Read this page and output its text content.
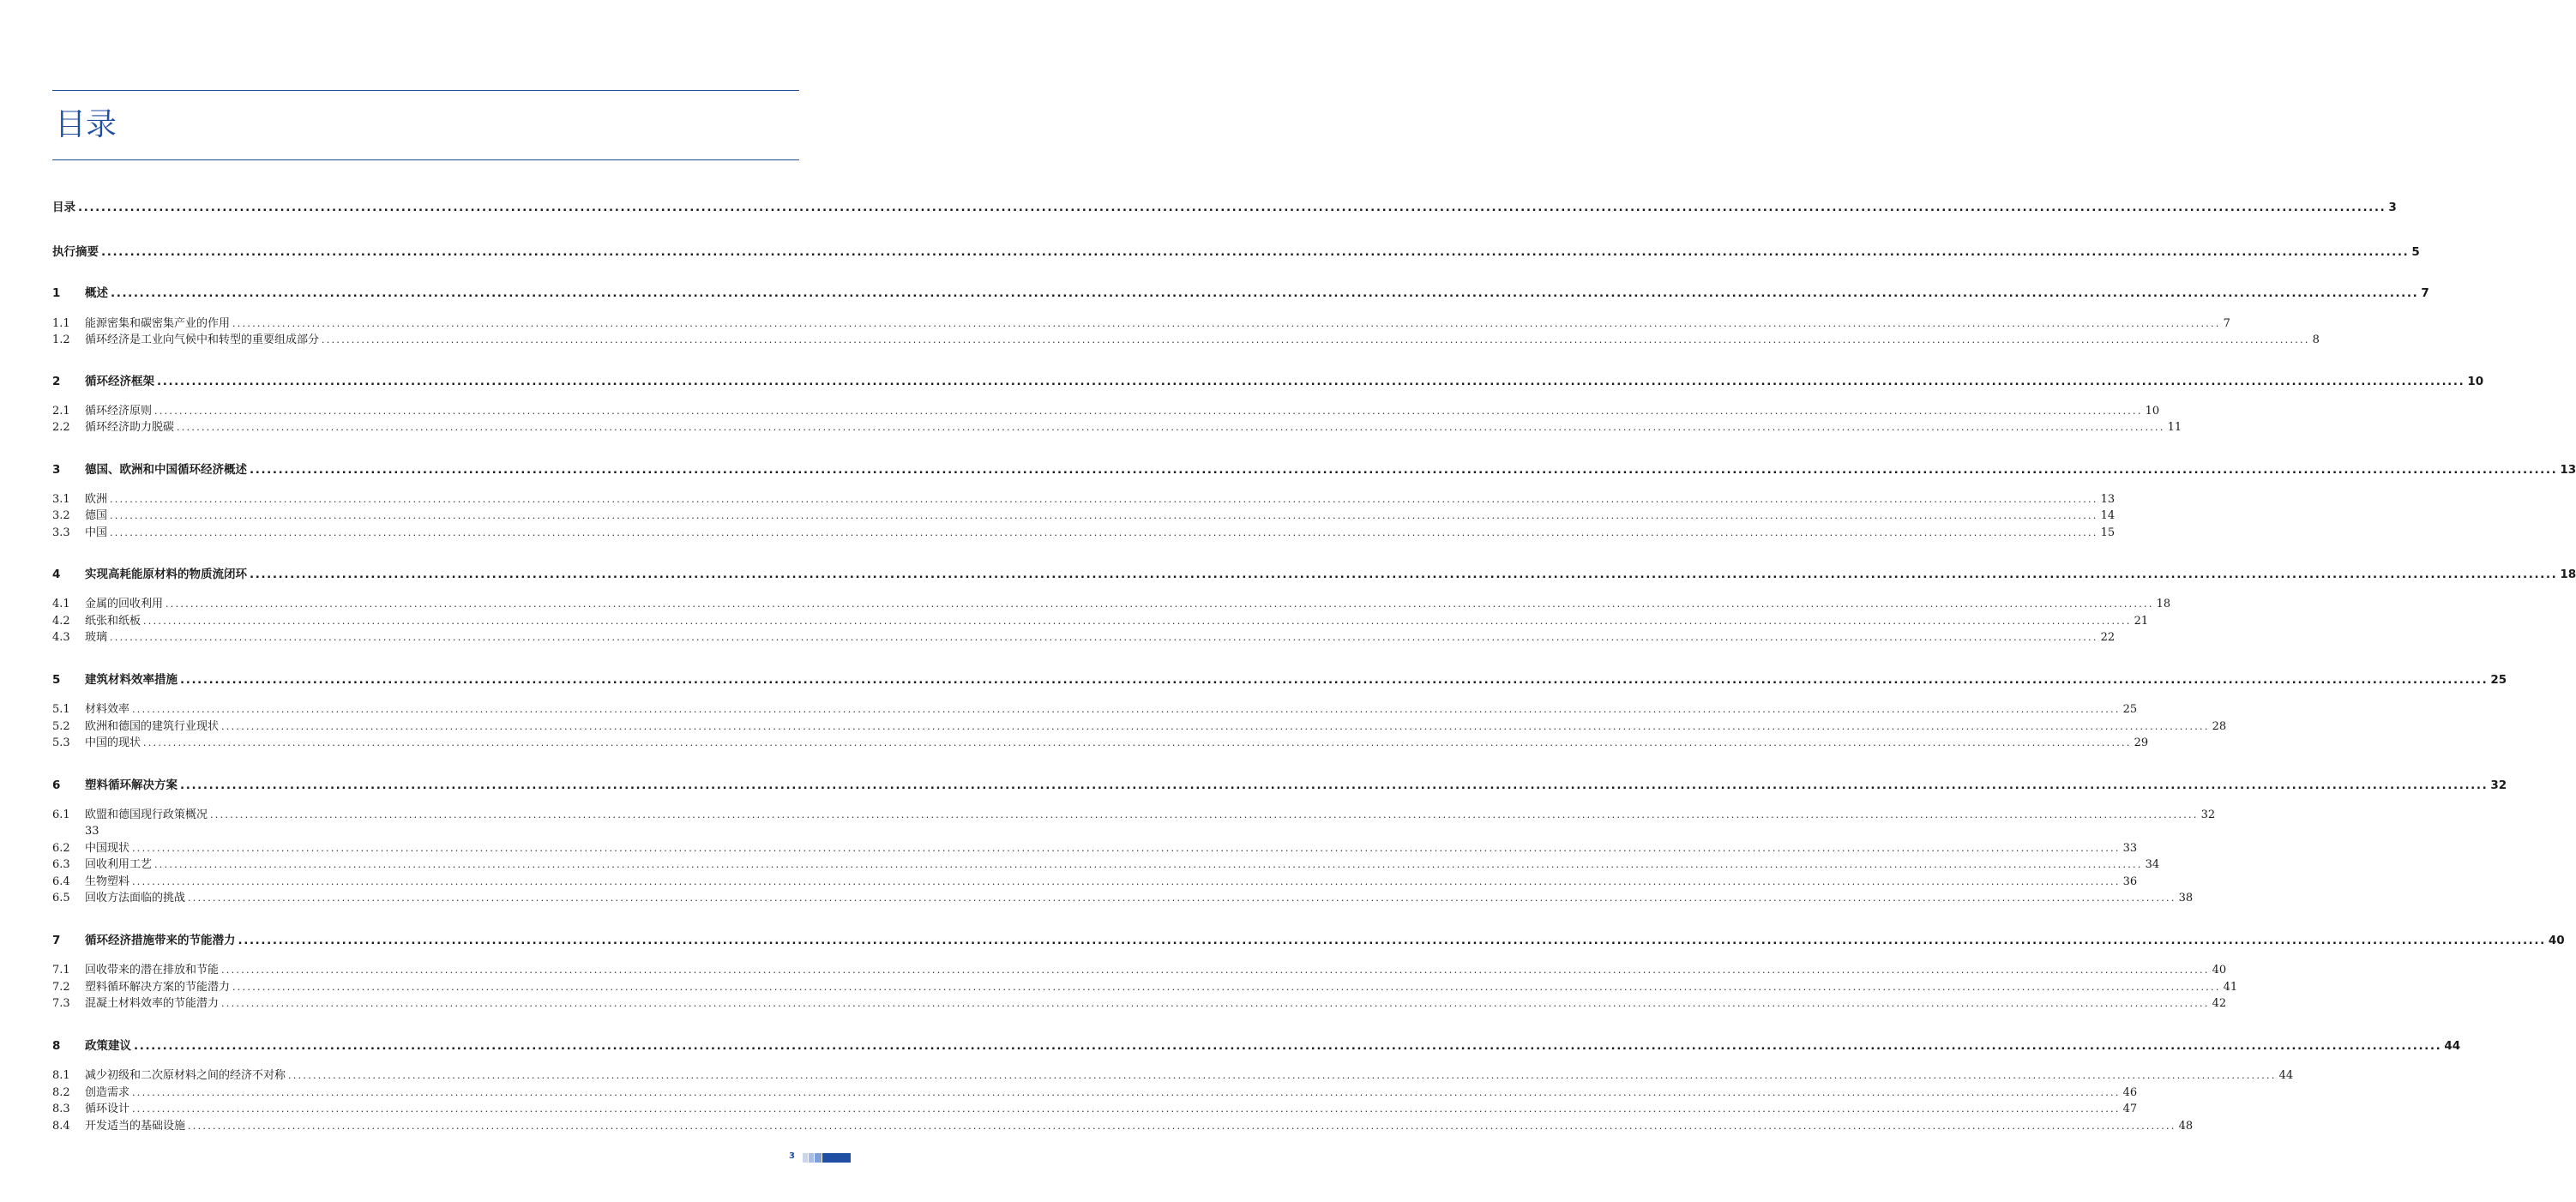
目录
目录 ................................................................................................................................................................................................................................................................................................................................................................................................................ 3
执行摘要 ................................................................................................................................................................................................................................................................................................................................................................................................................ 5
1	概述 ................................................................................................................................................................................................................................................................................................................................................................................................................ 7
1.1	能源密集和碳密集产业的作用 ................................................................................................................................................................................................................................................................................................................................................................................................................ 7
1.2	循环经济是工业向气候中和转型的重要组成部分 ................................................................................................................................................................................................................................................................................................................................................................................................................ 8
2	循环经济框架 ................................................................................................................................................................................................................................................................................................................................................................................................................ 10
2.1	循环经济原则 ................................................................................................................................................................................................................................................................................................................................................................................................................ 10
2.2	循环经济助力脱碳 ................................................................................................................................................................................................................................................................................................................................................................................................................ 11
3	德国、欧洲和中国循环经济概述 ................................................................................................................................................................................................................................................................................................................................................................................................................ 13
3.1	欧洲 ................................................................................................................................................................................................................................................................................................................................................................................................................ 13
3.2	德国 ................................................................................................................................................................................................................................................................................................................................................................................................................ 14
3.3	中国 ................................................................................................................................................................................................................................................................................................................................................................................................................ 15
4	实现高耗能原材料的物质流闭环 ................................................................................................................................................................................................................................................................................................................................................................................................................ 18
4.1	金属的回收利用 ................................................................................................................................................................................................................................................................................................................................................................................................................ 18
4.2	纸张和纸板 ................................................................................................................................................................................................................................................................................................................................................................................................................ 21
4.3	玻璃 ................................................................................................................................................................................................................................................................................................................................................................................................................ 22
5	建筑材料效率措施 ................................................................................................................................................................................................................................................................................................................................................................................................................ 25
5.1	材料效率 ................................................................................................................................................................................................................................................................................................................................................................................................................ 25
5.2	欧洲和德国的建筑行业现状 ................................................................................................................................................................................................................................................................................................................................................................................................................ 28
5.3	中国的现状 ................................................................................................................................................................................................................................................................................................................................................................................................................ 29
6	塑料循环解决方案 ................................................................................................................................................................................................................................................................................................................................................................................................................ 32
6.1	欧盟和德国现行政策概况 ................................................................................................................................................................................................................................................................................................................................................................................................................ 32
33
6.2	中国现状 ................................................................................................................................................................................................................................................................................................................................................................................................................ 33
6.3	回收利用工艺 ................................................................................................................................................................................................................................................................................................................................................................................................................ 34
6.4	生物塑料 ................................................................................................................................................................................................................................................................................................................................................................................................................ 36
6.5	回收方法面临的挑战 ................................................................................................................................................................................................................................................................................................................................................................................................................ 38
7	循环经济措施带来的节能潜力 ................................................................................................................................................................................................................................................................................................................................................................................................................ 40
7.1	回收带来的潜在排放和节能 ................................................................................................................................................................................................................................................................................................................................................................................................................ 40
7.2	塑料循环解决方案的节能潜力 ................................................................................................................................................................................................................................................................................................................................................................................................................ 41
7.3	混凝土材料效率的节能潜力 ................................................................................................................................................................................................................................................................................................................................................................................................................ 42
8	政策建议 ................................................................................................................................................................................................................................................................................................................................................................................................................ 44
8.1	减少初级和二次原材料之间的经济不对称 ................................................................................................................................................................................................................................................................................................................................................................................................................ 44
8.2	创造需求 ................................................................................................................................................................................................................................................................................................................................................................................................................ 46
8.3	循环设计 ................................................................................................................................................................................................................................................................................................................................................................................................................ 47
8.4	开发适当的基础设施 ................................................................................................................................................................................................................................................................................................................................................................................................................ 48
3
